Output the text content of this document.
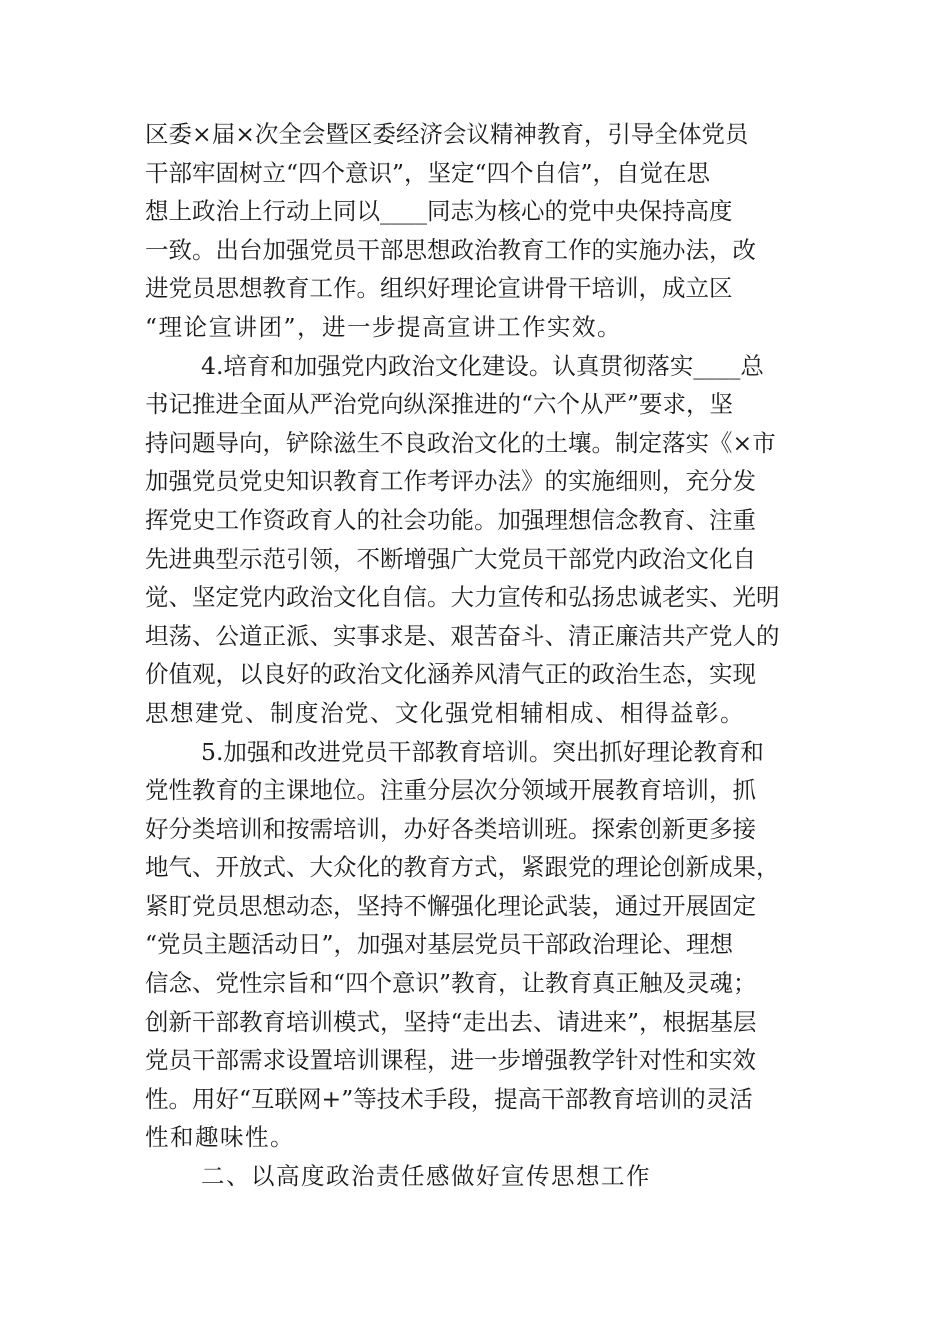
区委×届×次全会暨区委经济会议精神教育，引导全体党员
干部牢固树立“四个意识”，坚定“四个自信”，自觉在思
想上政治上行动上同以____同志为核心的党中央保持高度
一致。出台加强党员干部思想政治教育工作的实施办法，改
进党员思想教育工作。组织好理论宣讲骨干培训，成立区
“理论宣讲团”，进一步提高宣讲工作实效。
4.培育和加强党内政治文化建设。认真贯彻落实____总
书记推进全面从严治党向纵深推进的“六个从严”要求，坚
持问题导向，铲除滋生不良政治文化的土壤。制定落实《×市
加强党员党史知识教育工作考评办法》的实施细则，充分发
挥党史工作资政育人的社会功能。加强理想信念教育、注重
先进典型示范引领，不断增强广大党员干部党内政治文化自
觉、坚定党内政治文化自信。大力宣传和弘扬忠诚老实、光明
坦荡、公道正派、实事求是、艰苦奋斗、清正廉洁共产党人的
价值观，以良好的政治文化涵养风清气正的政治生态，实现
思想建党、制度治党、文化强党相辅相成、相得益彰。
5.加强和改进党员干部教育培训。突出抓好理论教育和
党性教育的主课地位。注重分层次分领域开展教育培训，抓
好分类培训和按需培训，办好各类培训班。探索创新更多接
地气、开放式、大众化的教育方式，紧跟党的理论创新成果，
紧盯党员思想动态，坚持不懈强化理论武装，通过开展固定
“党员主题活动日”，加强对基层党员干部政治理论、理想
信念、党性宗旨和“四个意识”教育，让教育真正触及灵魂；
创新干部教育培训模式，坚持“走出去、请进来”，根据基层
党员干部需求设置培训课程，进一步增强教学针对性和实效
性。用好“互联网+”等技术手段，提高干部教育培训的灵活
性和趣味性。
二、以高度政治责任感做好宣传思想工作
